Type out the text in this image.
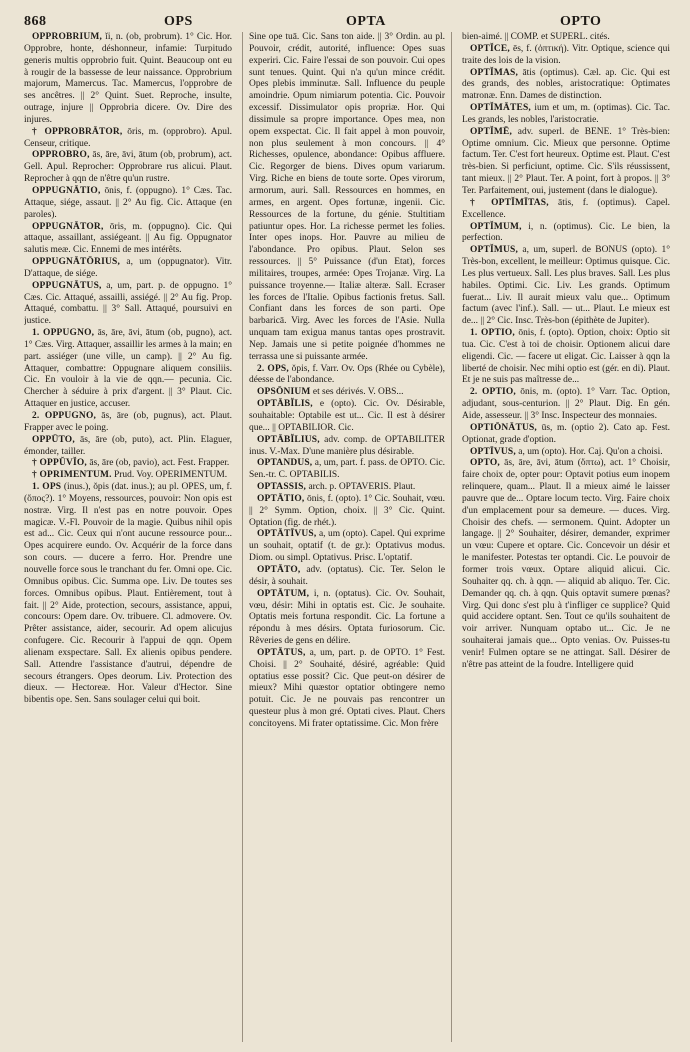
868	OPS	OPTA	OPTO

OPPROBRIUM, ĭi, n. (ob, probrum). 1° Cic. Hor. Opprobre, honte, déshonneur, infamie: Turpitudo generis multis opprobrio fuit. Quint. Beaucoup ont eu à rougir de la bassesse de leur naissance. Opprobrium majorum, Mamercus. Tac. Mamercus, l'opprobre de ses ancêtres. || 2° Quint. Suet. Reproche, insulte, outrage, injure || Opprobria dicere. Ov. Dire des injures.

† OPPROBRĀTOR, ōris, m. (opprobro). Apul. Censeur, critique.

OPPROBRO, ās, āre, āvi, ātum (ob, probrum), act. Gell. Apul. Reprocher: Opprobrare rus alicui. Plaut. Reprocher à qqn de n'être qu'un rustre.

OPPUGNĀTIO, ōnis, f. (oppugno). 1° Cæs. Tac. Attaque, siége, assaut. || 2° Au fig. Cic. Attaque (en paroles).

OPPUGNĀTOR, ōris, m. (oppugno). Cic. Qui attaque, assaillant, assiégeant. || Au fig. Oppugnator salutis meæ. Cic. Ennemi de mes intérêts.

OPPUGNĀTŌRIUS, a, um (oppugnator). Vitr. D'attaque, de siége.

OPPUGNĀTUS, a, um, part. p. de oppugno. 1° Cæs. Cic. Attaqué, assailli, assiégé. || 2° Au fig. Prop. Attaqué, combattu. || 3° Sall. Attaqué, poursuivi en justice.

1. OPPUGNO, ās, āre, āvi, ātum (ob, pugno), act. 1° Cæs. Virg. Attaquer, assaillir les armes à la main; en part. assiéger (une ville, un camp). || 2° Au fig. Attaquer, combattre: Oppugnare aliquem consiliis. Cic. En vouloir à la vie de qqn.— pecunia. Cic. Chercher à séduire à prix d'argent. || 3° Plaut. Cic. Attaquer en justice, accuser.

2. OPPUGNO, ās, āre (ob, pugnus), act. Plaut. Frapper avec le poing.

OPPŪTO, ās, āre (ob, puto), act. Plin. Elaguer, émonder, tailler.

† OPPŬVĬO, ās, āre (ob, pavio), act. Fest. Frapper.

† OPRIMENTUM. Prud. Voy. OPERIMENTUM.

1. OPS (inus.), ŏpis (dat. inus.); au pl. OPES, um, f. (ὄπος?). 1° Moyens, ressources, pouvoir: Non opis est nostræ. Virg. Il n'est pas en notre pouvoir. Opes magicæ. V.-Fl. Pouvoir de la magie. Quibus nihil opis est ad... Cic. Ceux qui n'ont aucune ressource pour... Opes acquirere eundo. Ov. Acquérir de la force dans son cours. — ducere a ferro. Hor. Prendre une nouvelle force sous le tranchant du fer. Omni ope. Cic. Omnibus opibus. Cic. Summa ope. Liv. De toutes ses forces. Omnibus opibus. Plaut. Entièrement, tout à fait. || 2° Aide, protection, secours, assistance, appui, concours: Opem dare. Ov. tribuere. Cl. admovere. Ov. Prêter assistance, aider, secourir. Ad opem alicujus confugere. Cic. Recourir à l'appui de qqn. Opem alienam exspectare. Sall. Ex alienis opibus pendere. Sall. Attendre l'assistance d'autrui, dépendre de secours étrangers. Opes deorum. Liv. Protection des dieux. — Hectoreæ. Hor. Valeur d'Hector. Sine bibentis ope. Sen. Sans soulager celui qui boit.

Sine ope tuā. Cic. Sans ton aide. || 3° Ordin. au pl. Pouvoir, crédit, autorité, influence: Opes suas experiri. Cic. Faire l'essai de son pouvoir. Cui opes sunt tenues. Quint. Qui n'a qu'un mince crédit. Opes plebis imminutæ. Sall. Influence du peuple amoindrie. Opum nimiarum potentia. Cic. Pouvoir excessif. Dissimulator opis propriæ. Hor. Qui dissimule sa propre importance. Opes mea, non opem exspectat. Cic. Il fait appel à mon pouvoir, non plus seulement à mon concours. || 4° Richesses, opulence, abondance: Opibus affluere. Cic. Regorger de biens. Dives opum variarum. Virg. Riche en biens de toute sorte. Opes virorum, armorum, auri. Sall. Ressources en hommes, en armes, en argent. Opes fortunæ, ingenii. Cic. Ressources de la fortune, du génie. Stultitiam patiuntur opes. Hor. La richesse permet les folies. Inter opes inops. Hor. Pauvre au milieu de l'abondance. Pro opibus. Plaut. Selon ses ressources. || 5° Puissance (d'un Etat), forces militaires, troupes, armée: Opes Trojanæ. Virg. La puissance troyenne.— Italiæ alteræ. Sall. Ecraser les forces de l'Italie. Opibus factionis fretus. Sall. Confiant dans les forces de son parti. Ope barbaricā. Virg. Avec les forces de l'Asie. Nulla unquam tam exigua manus tantas opes prostravit. Nep. Jamais une si petite poignée d'hommes ne terrassa une si puissante armée.

2. OPS, ŏpis, f. Varr. Ov. Ops (Rhée ou Cybèle), déesse de l'abondance.

OPSŌNIUM et ses dérivés. V. OBS...

OPTĀBĬLIS, e (opto). Cic. Ov. Désirable, souhaitable: Optabile est ut... Cic. Il est à désirer que... || OPTABILIOR. Cic.

OPTĀBĬLIUS, adv. comp. de OPTABILITER inus. V.-Max. D'une manière plus désirable.

OPTANDUS, a, um, part. f. pass. de OPTO. Cic. Sen.-tr. C. OPTABILIS.

OPTASSIS, arch. p. OPTAVERIS. Plaut.

OPTĀTIO, ōnis, f. (opto). 1° Cic. Souhait, vœu. || 2° Symm. Option, choix. || 3° Cic. Quint. Optation (fig. de rhét.).

OPTĀTĪVUS, a, um (opto). Capel. Qui exprime un souhait, optatif (t. de gr.): Optativus modus. Diom. ou simpl. Optativus. Prisc. L'optatif.

OPTĀTO, adv. (optatus). Cic. Ter. Selon le désir, à souhait.

OPTĀTUM, i, n. (optatus). Cic. Ov. Souhait, vœu, désir: Mihi in optatis est. Cic. Je souhaite. Optatis meis fortuna respondit. Cic. La fortune a répondu à mes désirs. Optata furiosorum. Cic. Rêveries de gens en délire.

OPTĀTUS, a, um, part. p. de OPTO. 1° Fest. Choisi. || 2° Souhaité, désiré, agréable: Quid optatius esse possit? Cic. Que peut-on désirer de mieux? Mihi quæstor optatior obtingere nemo potuit. Cic. Je ne pouvais pas rencontrer un questeur plus à mon gré. Optati cives. Plaut. Chers concitoyens. Mi frater optatissime. Cic. Mon frère

bien-aimé. || COMP. et SUPERL. cités.

OPTĬCE, ēs, f. (ὀπτική). Vitr. Optique, science qui traite des lois de la vision.

OPTĬMAS, ātis (optimus). Cæl. ap. Cic. Qui est des grands, des nobles, aristocratique: Optimates matronæ. Enn. Dames de distinction.

OPTĬMĀTES, ium et um, m. (optimas). Cic. Tac. Les grands, les nobles, l'aristocratie.

OPTĬMĒ, adv. superl. de BENE. 1° Très-bien: Optime omnium. Cic. Mieux que personne. Optime factum. Ter. C'est fort heureux. Optime est. Plaut. C'est très-bien. Si perficiunt, optime. Cic. S'ils réussissent, tant mieux. || 2° Plaut. Ter. A point, fort à propos. || 3° Ter. Parfaitement, oui, justement (dans le dialogue).

† OPTĬMĪTAS, ātis, f. (optimus). Capel. Excellence.

OPTĬMUM, i, n. (optimus). Cic. Le bien, la perfection.

OPTĬMUS, a, um, superl. de BONUS (opto). 1° Très-bon, excellent, le meilleur: Optimus quisque. Cic. Les plus vertueux. Sall. Les plus braves. Sall. Les plus habiles. Optimi. Cic. Liv. Les grands. Optimum fuerat... Liv. Il aurait mieux valu que... Optimum factum (avec l'inf.). Sall. — ut... Plaut. Le mieux est de... || 2° Cic. Insc. Très-bon (épithète de Jupiter).

1. OPTIO, ōnis, f. (opto). Option, choix: Optio sit tua. Cic. C'est à toi de choisir. Optionem alicui dare eligendi. Cic. — facere ut eligat. Cic. Laisser à qqn la liberté de choisir. Nec mihi optio est (gér. en di). Plaut. Et je ne suis pas maîtresse de...

2. OPTIO, ōnis, m. (opto). 1° Varr. Tac. Option, adjudant, sous-centurion. || 2° Plaut. Dig. En gén. Aide, assesseur. || 3° Insc. Inspecteur des monnaies.

OPTIŌNĀTUS, ūs, m. (optio 2). Cato ap. Fest. Optionat, grade d'option.

OPTĪVUS, a, um (opto). Hor. Caj. Qu'on a choisi.

OPTO, ās, āre, āvi, ātum (ὄπτω), act. 1° Choisir, faire choix de, opter pour: Optavit potius eum inopem relinquere, quam... Plaut. Il a mieux aimé le laisser pauvre que de... Optare locum tecto. Virg. Faire choix d'un emplacement pour sa demeure. — duces. Virg. Choisir des chefs. — sermonem. Quint. Adopter un langage. || 2° Souhaiter, désirer, demander, exprimer un vœu: Cupere et optare. Cic. Concevoir un désir et le manifester. Potestas ter optandi. Cic. Le pouvoir de former trois vœux. Optare aliquid alicui. Cic. Souhaiter qq. ch. à qqn. — aliquid ab aliquo. Ter. Cic. Demander qq. ch. à qqn. Quis optavit sumere pœnas? Virg. Qui donc s'est plu à t'infliger ce supplice? Quid quid accidere optant. Sen. Tout ce qu'ils souhaitent de voir arriver. Nunquam optabo ut... Cic. Je ne souhaiterai jamais que... Opto venias. Ov. Puisses-tu venir! Fulmen optare se ne attingat. Sall. Désirer de n'être pas atteint de la foudre. Intelligere quid
